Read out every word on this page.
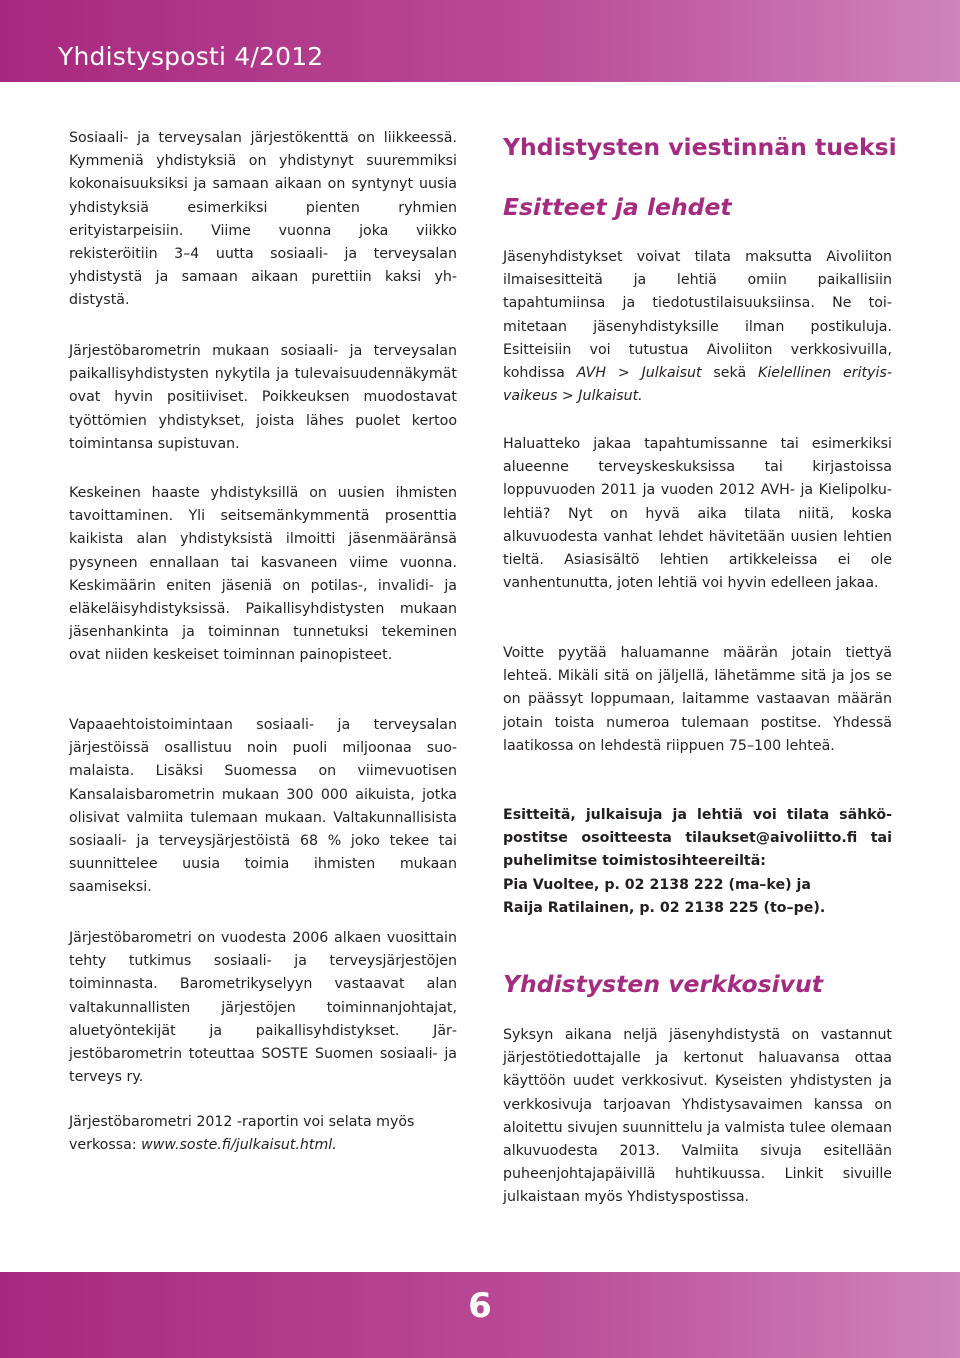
Yhdistysposti 4/2012

Sosiaali- ja terveysalan järjestökenttä on liikkeessä. Kymmeniä yhdistyksiä on yhdistynyt suuremmiksi kokonaisuuksiksi ja samaan aikaan on syntynyt uusia yhdistyksiä esimerkiksi pienten ryhmien erityistarpeisiin. Viime vuonna joka viikko rekisteröitiin 3–4 uutta sosiaali- ja terveysalan yhdistystä ja samaan aikaan purettiin kaksi yhdistystä.

Järjestöbarometrin mukaan sosiaali- ja terveysalan paikallisyhdistysten nykytila ja tulevaisuudennäkymät ovat hyvin positiiviset. Poikkeuksen muodostavat työttömien yhdistykset, joista lähes puolet kertoo toimintansa supistuvan.

Keskeinen haaste yhdistyksillä on uusien ihmisten tavoittaminen. Yli seitsemänkymmentä prosenttia kaikista alan yhdistyksistä ilmoitti jäsenmääränsä pysyneen ennallaan tai kasvaneen viime vuonna. Keskimäärin eniten jäseniä on potilas-, invalidi- ja eläkeläisyhdistyksissä. Paikallisyhdistysten mukaan jäsenhankinta ja toiminnan tunnetuksi tekeminen ovat niiden keskeiset toiminnan painopisteet.

Vapaaehtoistoimintaan sosiaali- ja terveysalan järjestöissä osallistuu noin puoli miljoonaa suomalaista. Lisäksi Suomessa on viimevuotisen Kansalaisbarometrin mukaan 300 000 aikuista, jotka olisivat valmiita tulemaan mukaan. Valtakunnallisista sosiaali- ja terveysjärjestöistä 68 % joko tekee tai suunnittelee uusia toimia ihmisten mukaan saamiseksi.

Järjestöbarometri on vuodesta 2006 alkaen vuosittain tehty tutkimus sosiaali- ja terveysjärjestöjen toiminnasta. Barometrikyselyyn vastaavat alan valtakunnallisten järjestöjen toiminnanjohtajat, aluetyöntekijät ja paikallisyhdistykset. Järjestöbarometrin toteuttaa SOSTE Suomen sosiaali- ja terveys ry.

Järjestöbarometri 2012 -raportin voi selata myös verkossa: www.soste.fi/julkaisut.html.

Yhdistysten viestinnän tueksi
Esitteet ja lehdet

Jäsenyhdistykset voivat tilata maksutta Aivoliiton ilmaisesitteitä ja lehtiä omiin paikallisiin tapahtumiinsa ja tiedotustilaisuuksiinsa. Ne toimitetaan jäsenyhdistyksille ilman postikuluja. Esitteisiin voi tutustua Aivoliiton verkkosivuilla, kohdissa AVH > Julkaisut sekä Kielellinen erityisvaikeus > Julkaisut.

Haluatteko jakaa tapahtumissanne tai esimerkiksi alueenne terveyskeskuksissa tai kirjastoissa loppuvuoden 2011 ja vuoden 2012 AVH- ja Kielipolku-lehtiä? Nyt on hyvä aika tilata niitä, koska alkuvuodesta vanhat lehdet hävitetään uusien lehtien tieltä. Asiasisältö lehtien artikkeleissa ei ole vanhentunutta, joten lehtiä voi hyvin edelleen jakaa.

Voitte pyytää haluamanne määrän jotain tiettyä lehteä. Mikäli sitä on jäljellä, lähetämme sitä ja jos se on päässyt loppumaan, laitamme vastaavan määrän jotain toista numeroa tulemaan postitse. Yhdessä laatikossa on lehdestä riippuen 75–100 lehteä.

Esitteitä, julkaisuja ja lehtiä voi tilata sähköpostitse osoitteesta tilaukset@aivoliitto.fi tai puhelimitse toimistosihteereiltä:

Pia Vuoltee, p. 02 2138 222 (ma–ke) ja

Raija Ratilainen, p. 02 2138 225 (to–pe).

Yhdistysten verkkosivut

Syksyn aikana neljä jäsenyhdistystä on vastannut järjestötiedottajalle ja kertonut haluavansa ottaa käyttöön uudet verkkosivut. Kyseisten yhdistysten ja verkkosivuja tarjoavan Yhdistysavaimen kanssa on aloitettu sivujen suunnittelu ja valmista tulee olemaan alkuvuodesta 2013. Valmiita sivuja esitellään puheenjohtajapäivillä huhtikuussa. Linkit sivuille julkaistaan myös Yhdistyspostissa.

6
